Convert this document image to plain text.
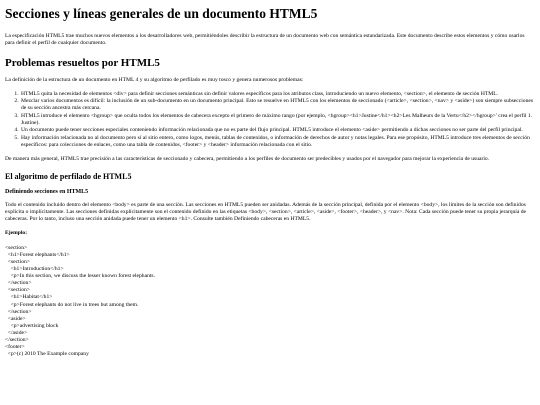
Secciones y líneas generales de un documento HTML5

La especificación HTML5 trae muchos nuevos elementos a los desarrolladores web, permitiéndoles describir la estructura de un documento web con semántica estandarizada. Este documento describe estos elementos y cómo usarlos para definir el perfil de cualquier documento.

Problemas resueltos por HTML5

La definición de la estructura de un documento en HTML 4 y su algoritmo de perfilado es muy tosco y genera numerosos problemas:

1. HTML5 quita la necesidad de elementos <div> para definir secciones semánticas sin definir valores específicos para los atributos class, introduciendo un nuevo elemento, <section>, el elemento de sección HTML.
2. Mezclar varios documentos es difícil: la inclusión de un sub-documento en un documento principal. Esto se resuelve en HTML5 con los elementos de seccionado (<article>, <section>, <nav> y <aside>) son siempre subsecciones de su sección ancestra más cercana.
3. HTML5 introduce el elemento <hgroup> que oculta todos los elementos de cabecera excepto el primero de máximo rango (por ejemplo, <hgroup><h1>Justine</h1><h2>Les Malheurs de la Vertu</h2></hgroup>' crea el perfil 1. Justine).
4. Un documento puede tener secciones especiales conteniendo información relacionada que no es parte del flujo principal. HTML5 introduce el elemento <aside> permitiendo a dichas secciones no ser parte del perfil principal.
5. Hay información relacionada no al documento pero sí al sitio entero, como logos, menús, tablas de contenidos, o información de derechos de autor y notas legales. Para ese propósito, HTML5 introduce tres elementos de sección específicos: para colecciones de enlaces, como una tabla de contenidos, <footer> y <header> información relacionada con el sitio.

De manera más general, HTML5 trae precisión a las características de seccionado y cabecera, permitiendo a los perfiles de documento ser predecibles y usados por el navegador para mejorar la experiencia de usuario.

El algoritmo de perfilado de HTML5
Definiendo secciones en HTML5

Todo el contenido incluido dentro del elemento <body> es parte de una sección. Las secciones en HTML5 pueden ser anidadas. Además de la sección principal, definida por el elemento <body>, los límites de la sección son definidos explícita o implícitamente. Las secciones definidas explícitamente son el contenido definido en las etiquetas <body>, <section>, <article>, <aside>, <footer>, <header>, y <nav>. Nota: Cada sección puede tener su propia jerarquía de cabeceras. Por lo tanto, incluso una sección anidada puede tener un elemento <h1>. Consulte también Definiendo cabeceras en HTML5.

Ejemplo:

<section>
<h1>Forest elephants</h1>
<section>
<h1>Introduction</h1>
<p>In this section, we discuss the lesser known forest elephants.
</section>
<section>
<h1>Habitat</h1>
<p>Forest elephants do not live in trees but among them.
</section>
<aside>
<p>advertising block
</aside>
</section>
<footer>
<p>(c) 2010 The Example company
